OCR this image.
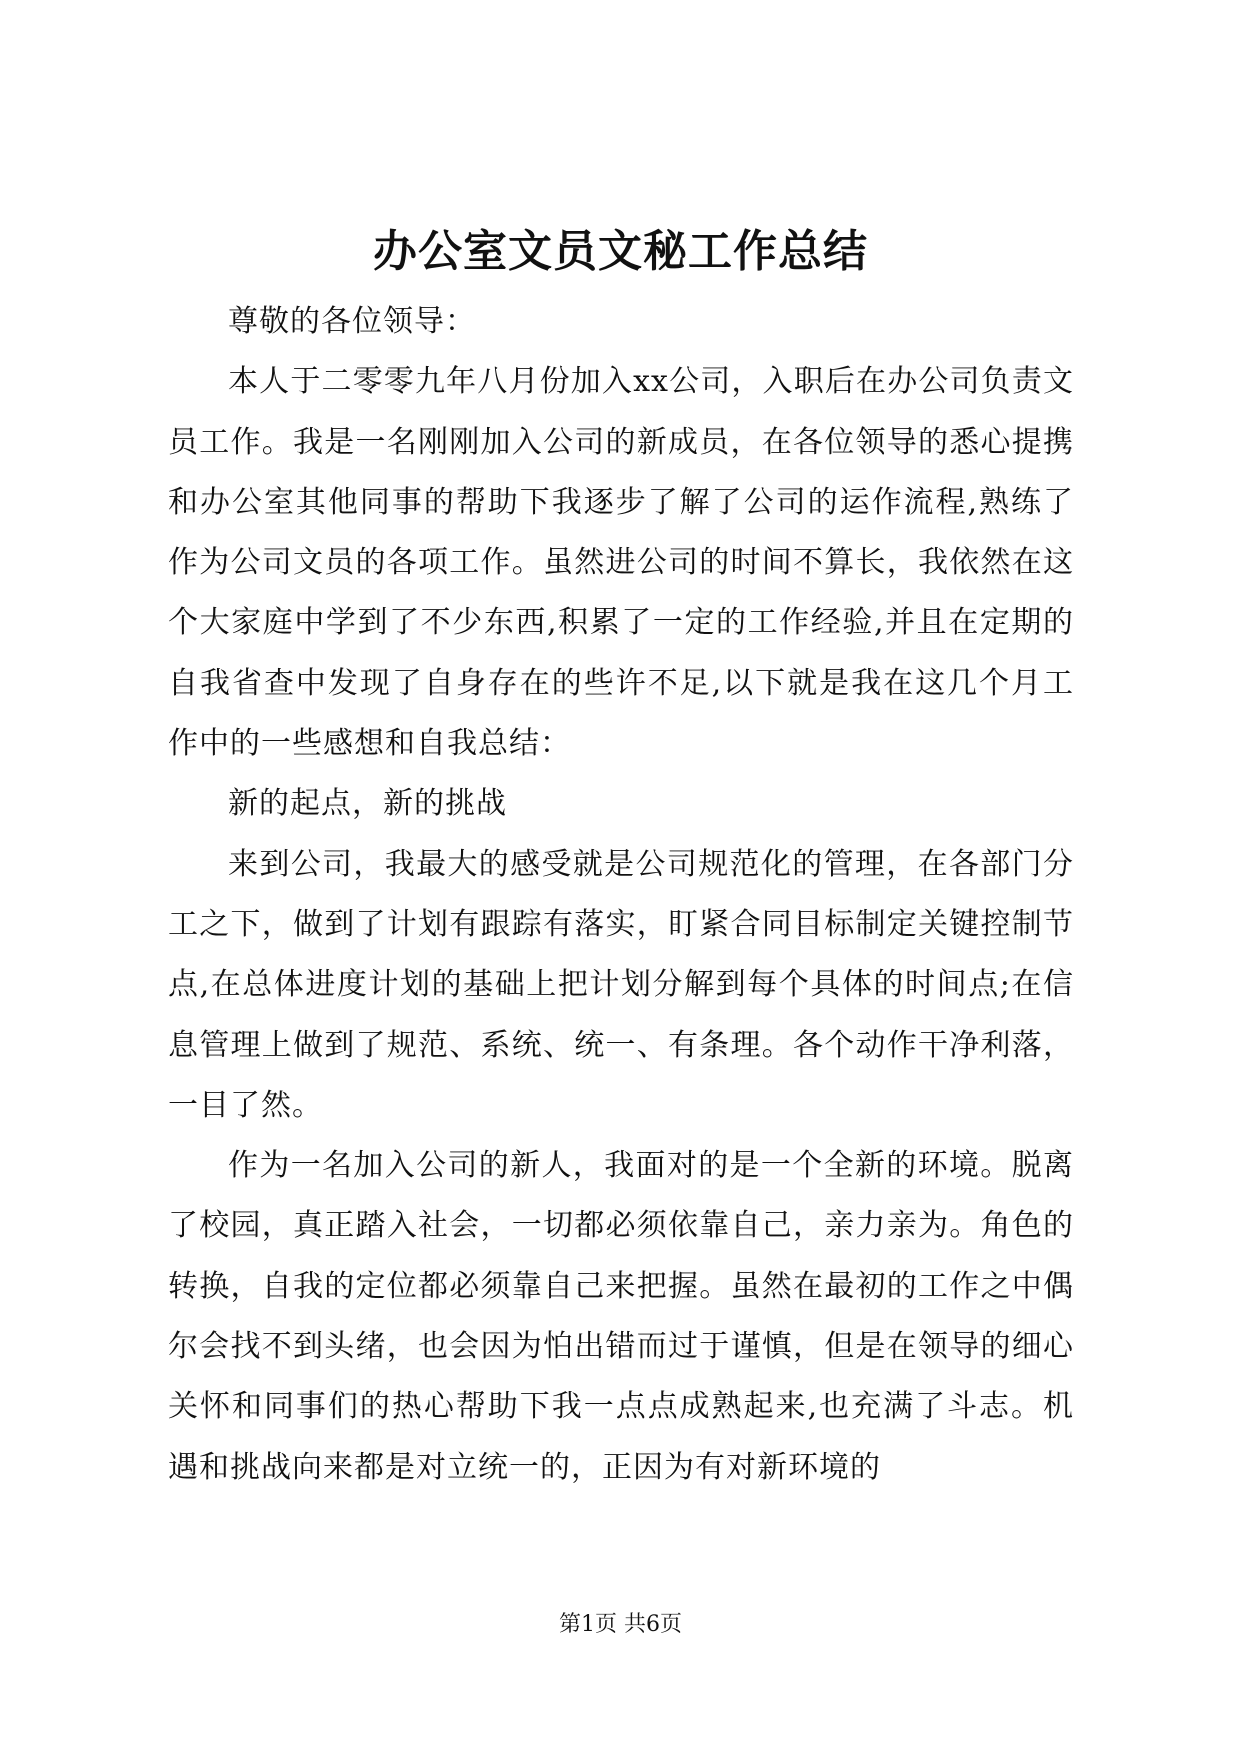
办公室文员文秘工作总结

尊敬的各位领导：

本人于二零零九年八月份加入xx公司，入职后在办公司负责文员工作。我是一名刚刚加入公司的新成员，在各位领导的悉心提携和办公室其他同事的帮助下我逐步了解了公司的运作流程,熟练了作为公司文员的各项工作。虽然进公司的时间不算长，我依然在这个大家庭中学到了不少东西,积累了一定的工作经验,并且在定期的自我省查中发现了自身存在的些许不足,以下就是我在这几个月工作中的一些感想和自我总结：

新的起点，新的挑战

来到公司，我最大的感受就是公司规范化的管理，在各部门分工之下，做到了计划有跟踪有落实，盯紧合同目标制定关键控制节点,在总体进度计划的基础上把计划分解到每个具体的时间点;在信息管理上做到了规范、系统、统一、有条理。各个动作干净利落，一目了然。

作为一名加入公司的新人，我面对的是一个全新的环境。脱离了校园，真正踏入社会，一切都必须依靠自己，亲力亲为。角色的转换，自我的定位都必须靠自己来把握。虽然在最初的工作之中偶尔会找不到头绪，也会因为怕出错而过于谨慎，但是在领导的细心关怀和同事们的热心帮助下我一点点成熟起来,也充满了斗志。机遇和挑战向来都是对立统一的，正因为有对新环境的

第1页 共6页
